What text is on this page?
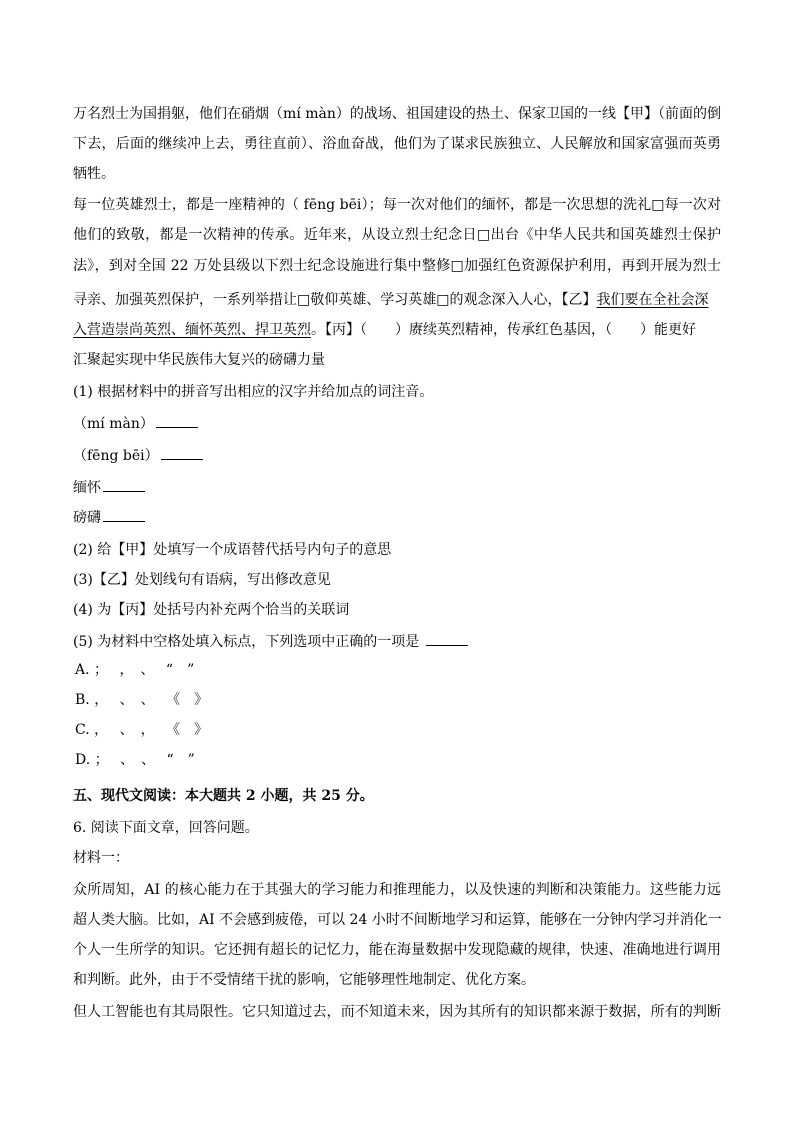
万名烈士为国捐躯，他们在硝烟（mí màn）的战场、祖国建设的热土、保家卫国的一线【甲】（前面的倒
下去，后面的继续冲上去，勇往直前）、浴血奋战，他们为了谋求民族独立、人民解放和国家富强而英勇
牺牲。
每一位英雄烈士，都是一座精神的（ fēng bēi）；每一次对他们的缅怀，都是一次思想的洗礼□每一次对
他们的致敬，都是一次精神的传承。近年来，从设立烈士纪念日□出台《中华人民共和国英雄烈士保护
法》，到对全国 22 万处县级以下烈士纪念设施进行集中整修□加强红色资源保护利用，再到开展为烈士
寻亲、加强英烈保护，一系列举措让□敬仰英雄、学习英雄□的观念深入人心，【乙】我们要在全社会深
入营造崇尚英烈、缅怀英烈、捍卫英烈。【丙】（　　）赓续英烈精神，传承红色基因，（　　）能更好
汇聚起实现中华民族伟大复兴的磅礴力量
(1) 根据材料中的拼音写出相应的汉字并给加点的词注音。
（mí màn）
（fēng bēi）
缅怀
磅礴
(2) 给【甲】处填写一个成语替代括号内句子的意思
(3)【乙】处划线句有语病，写出修改意见
(4) 为【丙】处括号内补充两个恰当的关联词
(5) 为材料中空格处填入标点，下列选项中正确的一项是
A. ；　 ，　、　 “　”
B. ，　 、　、　 《　》
C. ，　 、　，　 《　》
D. ；　 、　、　 “　”
五、现代文阅读：本大题共 2 小题，共 25 分。
6. 阅读下面文章，回答问题。
材料一：
众所周知，AI 的核心能力在于其强大的学习能力和推理能力，以及快速的判断和决策能力。这些能力远
超人类大脑。比如，AI 不会感到疲倦，可以 24 小时不间断地学习和运算，能够在一分钟内学习并消化一
个人一生所学的知识。它还拥有超长的记忆力，能在海量数据中发现隐藏的规律，快速、准确地进行调用
和判断。此外，由于不受情绪干扰的影响，它能够理性地制定、优化方案。
但人工智能也有其局限性。它只知道过去，而不知道未来，因为其所有的知识都来源于数据，所有的判断
